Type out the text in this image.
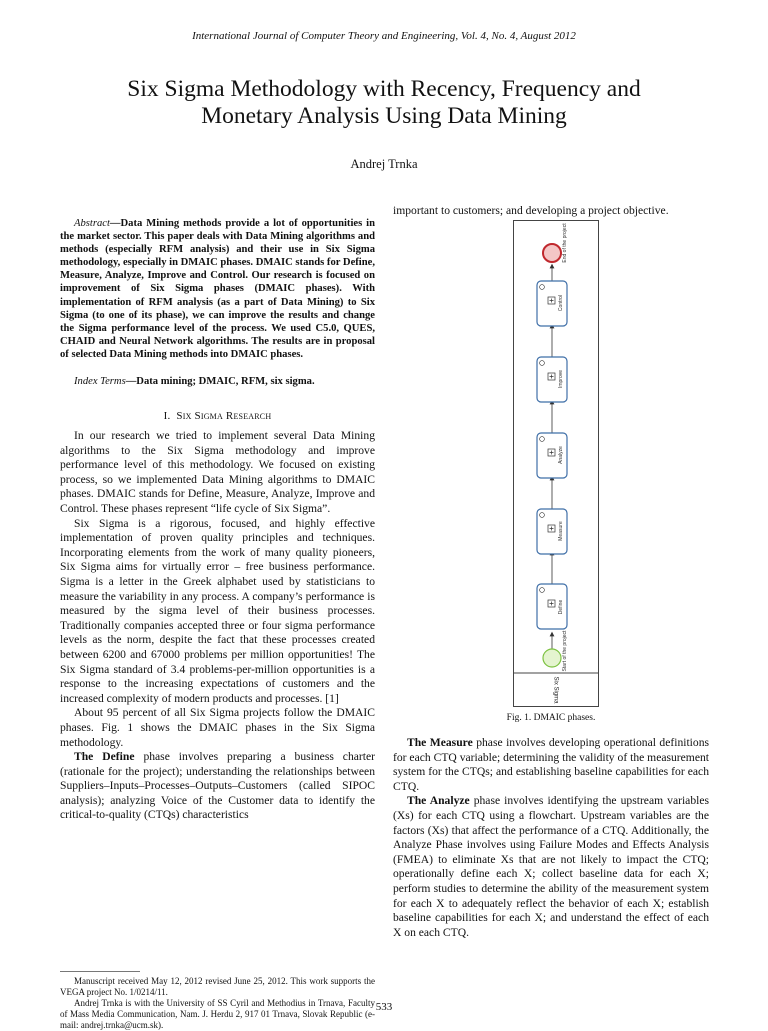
International Journal of Computer Theory and Engineering, Vol. 4, No. 4, August 2012
Six Sigma Methodology with Recency, Frequency and
Monetary Analysis Using Data Mining
Andrej Trnka

Abstract—Data Mining methods provide a lot of opportunities in the market sector. This paper deals with Data Mining algorithms and methods (especially RFM analysis) and their use in Six Sigma methodology, especially in DMAIC phases. DMAIC stands for Define, Measure, Analyze, Improve and Control. Our research is focused on improvement of Six Sigma phases (DMAIC phases). With implementation of RFM analysis (as a part of Data Mining) to Six Sigma (to one of its phase), we can improve the results and change the Sigma performance level of the process. We used C5.0, QUES, CHAID and Neural Network algorithms. The results are in proposal of selected Data Mining methods into DMAIC phases.

Index Terms—Data mining; DMAIC, RFM, six sigma.

I. Six Sigma Research

In our research we tried to implement several Data Mining algorithms to the Six Sigma methodology and improve performance level of this methodology. We focused on existing process, so we implemented Data Mining algorithms to DMAIC phases. DMAIC stands for Define, Measure, Analyze, Improve and Control. These phases represent “life cycle of Six Sigma”.

Six Sigma is a rigorous, focused, and highly effective implementation of proven quality principles and techniques. Incorporating elements from the work of many quality pioneers, Six Sigma aims for virtually error – free business performance. Sigma is a letter in the Greek alphabet used by statisticians to measure the variability in any process. A company’s performance is measured by the sigma level of their business processes. Traditionally companies accepted three or four sigma performance levels as the norm, despite the fact that these processes created between 6200 and 67000 problems per million opportunities! The Six Sigma standard of 3.4 problems-per-million opportunities is a response to the increasing expectations of customers and the increased complexity of modern products and processes. [1]

About 95 percent of all Six Sigma projects follow the DMAIC phases. Fig. 1 shows the DMAIC phases in the Six Sigma methodology.

The Define phase involves preparing a business charter (rationale for the project); understanding the relationships between Suppliers–Inputs–Processes–Outputs–Customers (called SIPOC analysis); analyzing Voice of the Customer data to identify the critical-to-quality (CTQs) characteristics

Manuscript received May 12, 2012 revised June 25, 2012. This work supports the VEGA project No. 1/0214/11.

Andrej Trnka is with the University of SS Cyril and Methodius in Trnava, Faculty of Mass Media Communication, Nam. J. Herdu 2, 917 01 Trnava, Slovak Republic (e-mail: andrej.trnka@ucm.sk).

important to customers; and developing a project objective.

Six Sigma
End of the project
Start of the project
Control
Improve
Analyze
Measure
Define
Fig. 1. DMAIC phases.

The Measure phase involves developing operational definitions for each CTQ variable; determining the validity of the measurement system for the CTQs; and establishing baseline capabilities for each CTQ.

The Analyze phase involves identifying the upstream variables (Xs) for each CTQ using a flowchart. Upstream variables are the factors (Xs) that affect the performance of a CTQ. Additionally, the Analyze Phase involves using Failure Modes and Effects Analysis (FMEA) to eliminate Xs that are not likely to impact the CTQ; operationally define each X; collect baseline data for each X; perform studies to determine the ability of the measurement system for each X to adequately reflect the behavior of each X; establish baseline capabilities for each X; and understand the effect of each X on each CTQ.

533
